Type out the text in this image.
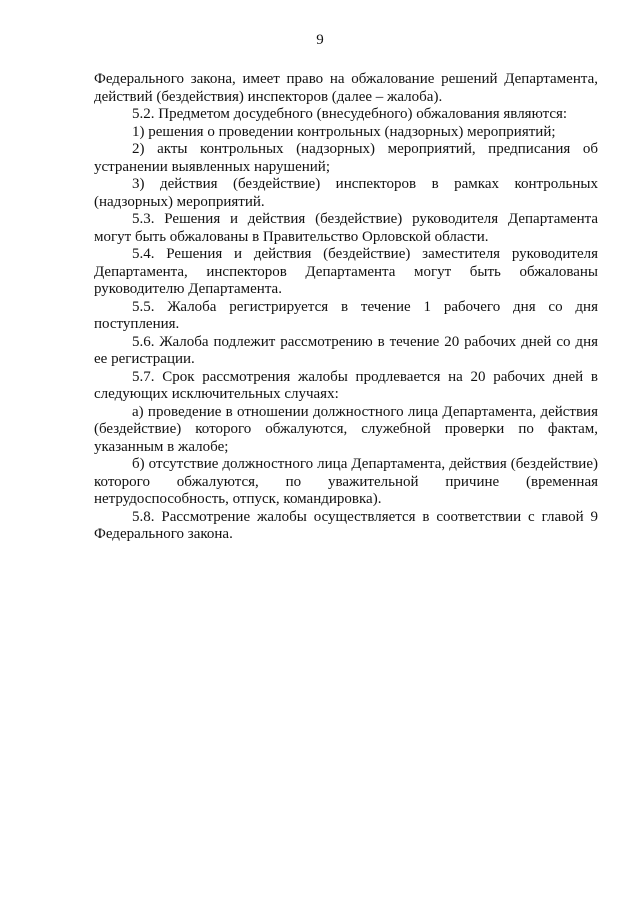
9

Федерального закона, имеет право на обжалование решений Департамента, действий (бездействия) инспекторов (далее – жалоба).

5.2. Предметом досудебного (внесудебного) обжалования являются:

1) решения о проведении контрольных (надзорных) мероприятий;

2) акты контрольных (надзорных) мероприятий, предписания об устранении выявленных нарушений;

3) действия (бездействие) инспекторов в рамках контрольных (надзорных) мероприятий.

5.3. Решения и действия (бездействие) руководителя Департамента могут быть обжалованы в Правительство Орловской области.

5.4. Решения и действия (бездействие) заместителя руководителя Департамента, инспекторов Департамента могут быть обжалованы руководителю Департамента.

5.5. Жалоба регистрируется в течение 1 рабочего дня со дня поступления.

5.6. Жалоба подлежит рассмотрению в течение 20 рабочих дней со дня ее регистрации.

5.7. Срок рассмотрения жалобы продлевается на 20 рабочих дней в следующих исключительных случаях:

а) проведение в отношении должностного лица Департамента, действия (бездействие) которого обжалуются, служебной проверки по фактам, указанным в жалобе;

б) отсутствие должностного лица Департамента, действия (бездействие) которого обжалуются, по уважительной причине (временная нетрудоспособность, отпуск, командировка).

5.8. Рассмотрение жалобы осуществляется в соответствии с главой 9 Федерального закона.
